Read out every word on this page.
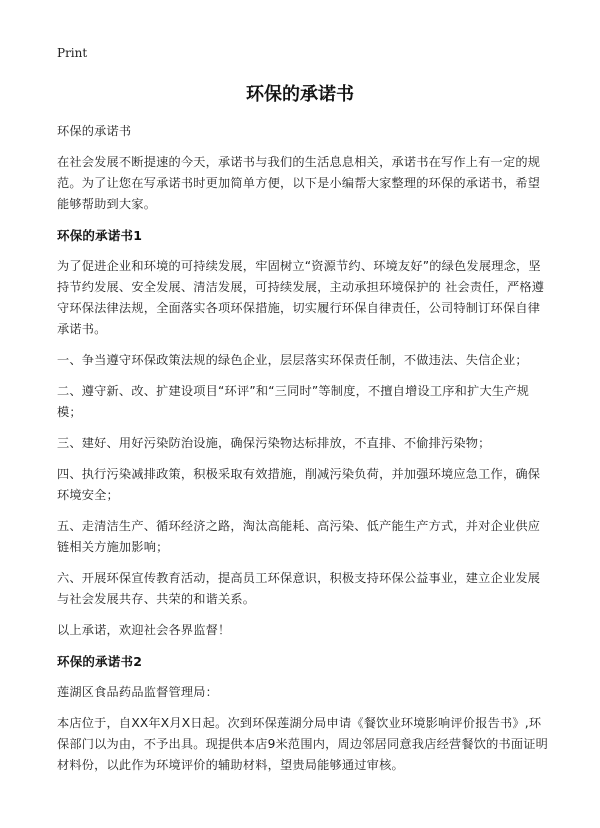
Print
环保的承诺书

环保的承诺书

在社会发展不断提速的今天，承诺书与我们的生活息息相关，承诺书在写作上有一定的规范。为了让您在写承诺书时更加简单方便，以下是小编帮大家整理的环保的承诺书，希望能够帮助到大家。

环保的承诺书1

为了促进企业和环境的可持续发展，牢固树立“资源节约、环境友好”的绿色发展理念，坚持节约发展、安全发展、清洁发展，可持续发展，主动承担环境保护的 社会责任，严格遵守环保法律法规，全面落实各项环保措施，切实履行环保自律责任，公司特制订环保自律承诺书。

一、争当遵守环保政策法规的绿色企业，层层落实环保责任制，不做违法、失信企业；

二、遵守新、改、扩建设项目“环评”和“三同时”等制度，不擅自增设工序和扩大生产规模；

三、建好、用好污染防治设施，确保污染物达标排放，不直排、不偷排污染物；

四、执行污染减排政策，积极采取有效措施，削减污染负荷，并加强环境应急工作，确保环境安全；

五、走清洁生产、循环经济之路，淘汰高能耗、高污染、低产能生产方式，并对企业供应链相关方施加影响；

六、开展环保宣传教育活动，提高员工环保意识，积极支持环保公益事业，建立企业发展与社会发展共存、共荣的和谐关系。

以上承诺，欢迎社会各界监督！

环保的承诺书2

莲湖区食品药品监督管理局：

本店位于，自XX年X月X日起。次到环保莲湖分局申请《餐饮业环境影响评价报告书》,环保部门以为由，不予出具。现提供本店9米范围内，周边邻居同意我店经营餐饮的书面证明材料份，以此作为环境评价的辅助材料，望贵局能够通过审核。
